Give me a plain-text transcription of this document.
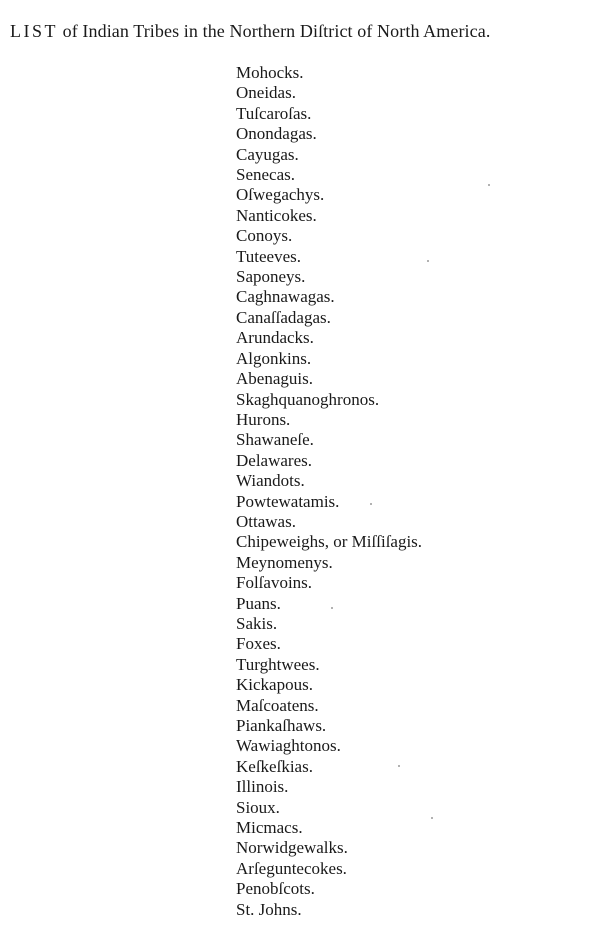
LIST of Indian Tribes in the Northern Diſtrict of North America.
Mohocks.
Oneidas.
Tuſcaroſas.
Onondagas.
Cayugas.
Senecas.
Oſwegachys.
Nanticokes.
Conoys.
Tuteeves.
Saponeys.
Caghnawagas.
Canaſſadagas.
Arundacks.
Algonkins.
Abenaguis.
Skaghquanoghronos.
Hurons.
Shawaneſe.
Delawares.
Wiandots.
Powtewatamis.
Ottawas.
Chipeweighs, or Miſſiſagis.
Meynomenys.
Folſavoins.
Puans.
Sakis.
Foxes.
Turghtwees.
Kickapous.
Maſcoatens.
Piankaſhaws.
Wawiaghtonos.
Keſkeſkias.
Illinois.
Sioux.
Micmacs.
Norwidgewalks.
Arſeguntecokes.
Penobſcots.
St. Johns.
